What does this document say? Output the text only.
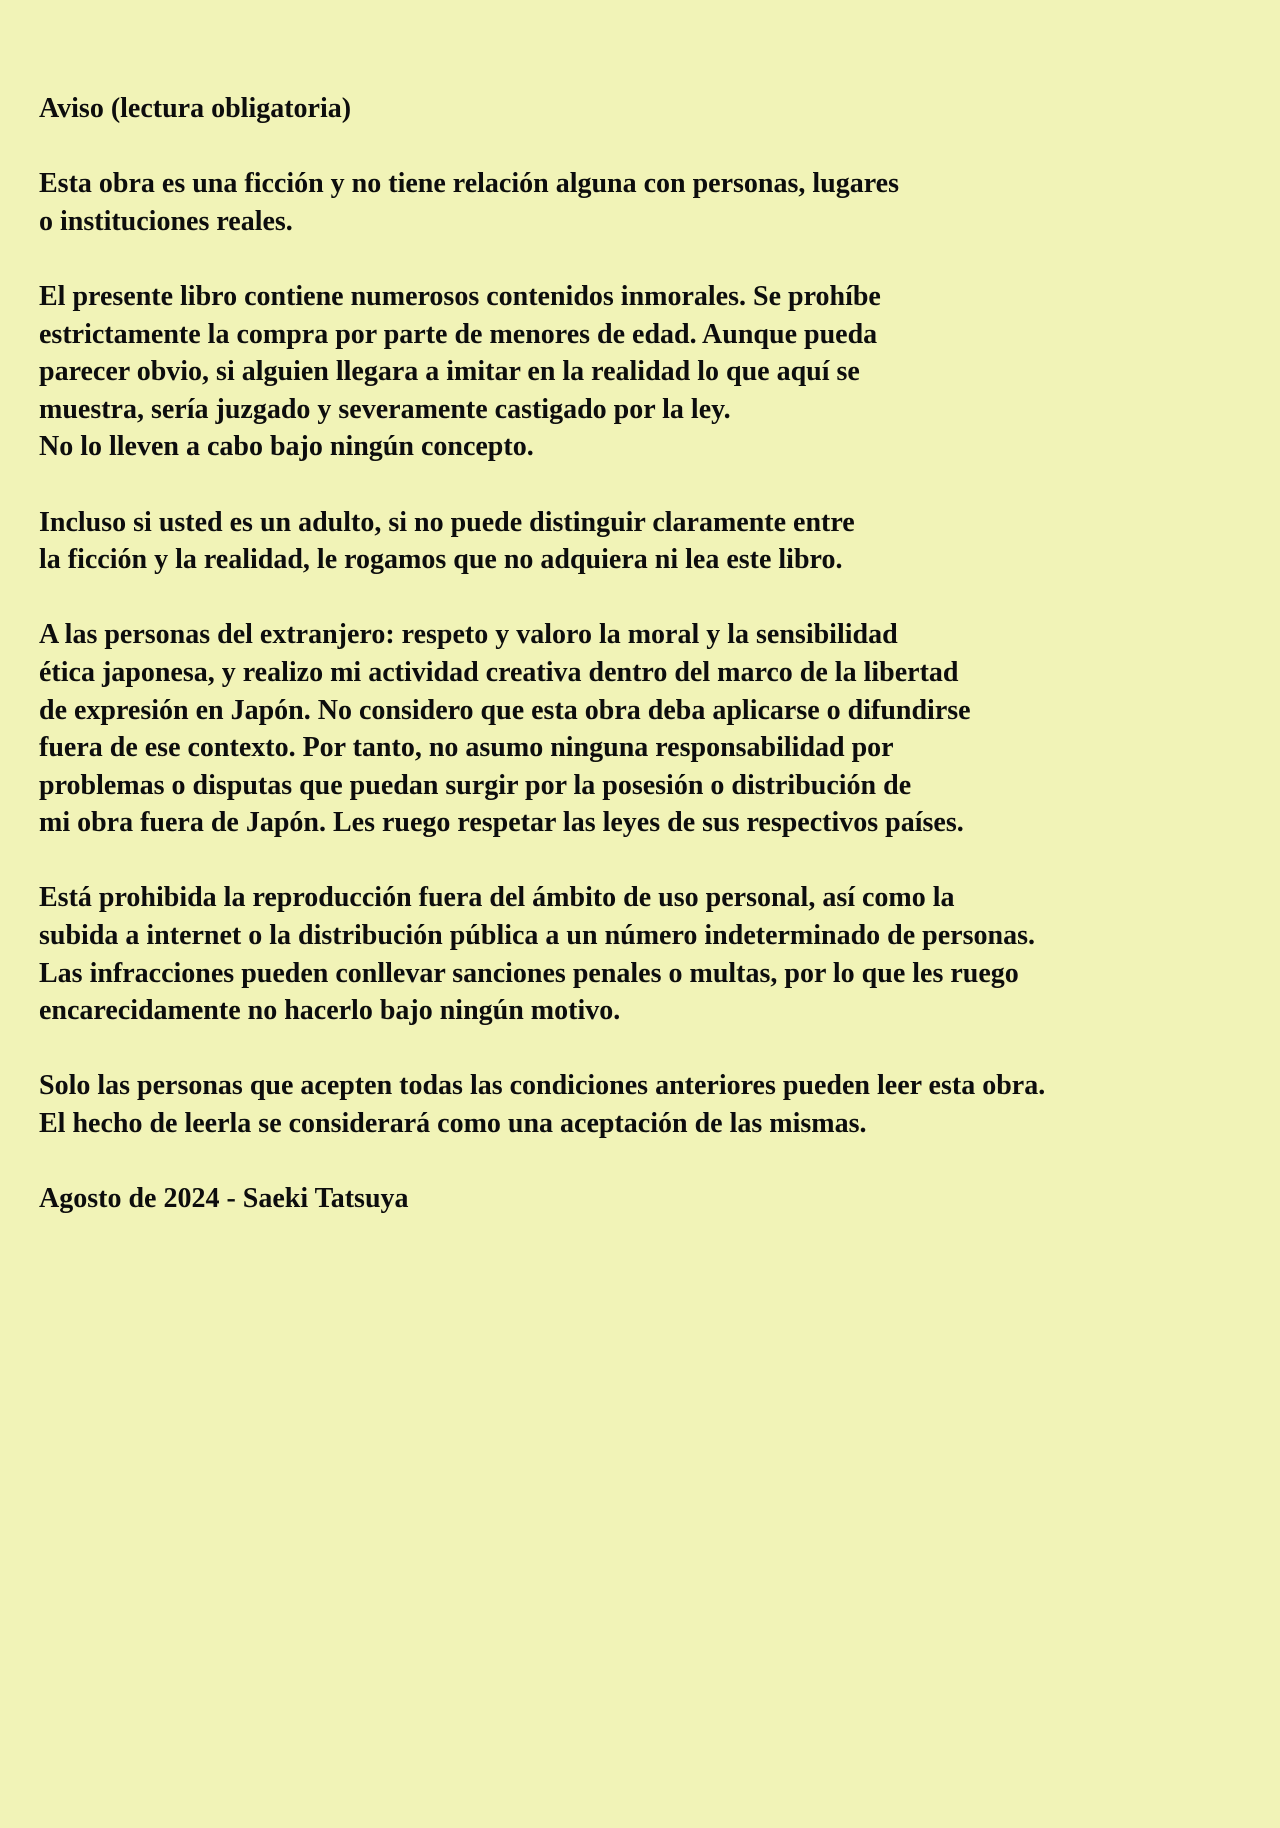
Aviso (lectura obligatoria)

Esta obra es una ficción y no tiene relación alguna con personas, lugares
o instituciones reales.

El presente libro contiene numerosos contenidos inmorales. Se prohíbe
estrictamente la compra por parte de menores de edad. Aunque pueda
parecer obvio, si alguien llegara a imitar en la realidad lo que aquí se
muestra, sería juzgado y severamente castigado por la ley.
No lo lleven a cabo bajo ningún concepto.

Incluso si usted es un adulto, si no puede distinguir claramente entre
la ficción y la realidad, le rogamos que no adquiera ni lea este libro.

A las personas del extranjero: respeto y valoro la moral y la sensibilidad
ética japonesa, y realizo mi actividad creativa dentro del marco de la libertad
de expresión en Japón. No considero que esta obra deba aplicarse o difundirse
fuera de ese contexto. Por tanto, no asumo ninguna responsabilidad por
problemas o disputas que puedan surgir por la posesión o distribución de
mi obra fuera de Japón. Les ruego respetar las leyes de sus respectivos países.

Está prohibida la reproducción fuera del ámbito de uso personal, así como la
subida a internet o la distribución pública a un número indeterminado de personas.
Las infracciones pueden conllevar sanciones penales o multas, por lo que les ruego
encarecidamente no hacerlo bajo ningún motivo.

Solo las personas que acepten todas las condiciones anteriores pueden leer esta obra.
El hecho de leerla se considerará como una aceptación de las mismas.

Agosto de 2024 - Saeki Tatsuya
